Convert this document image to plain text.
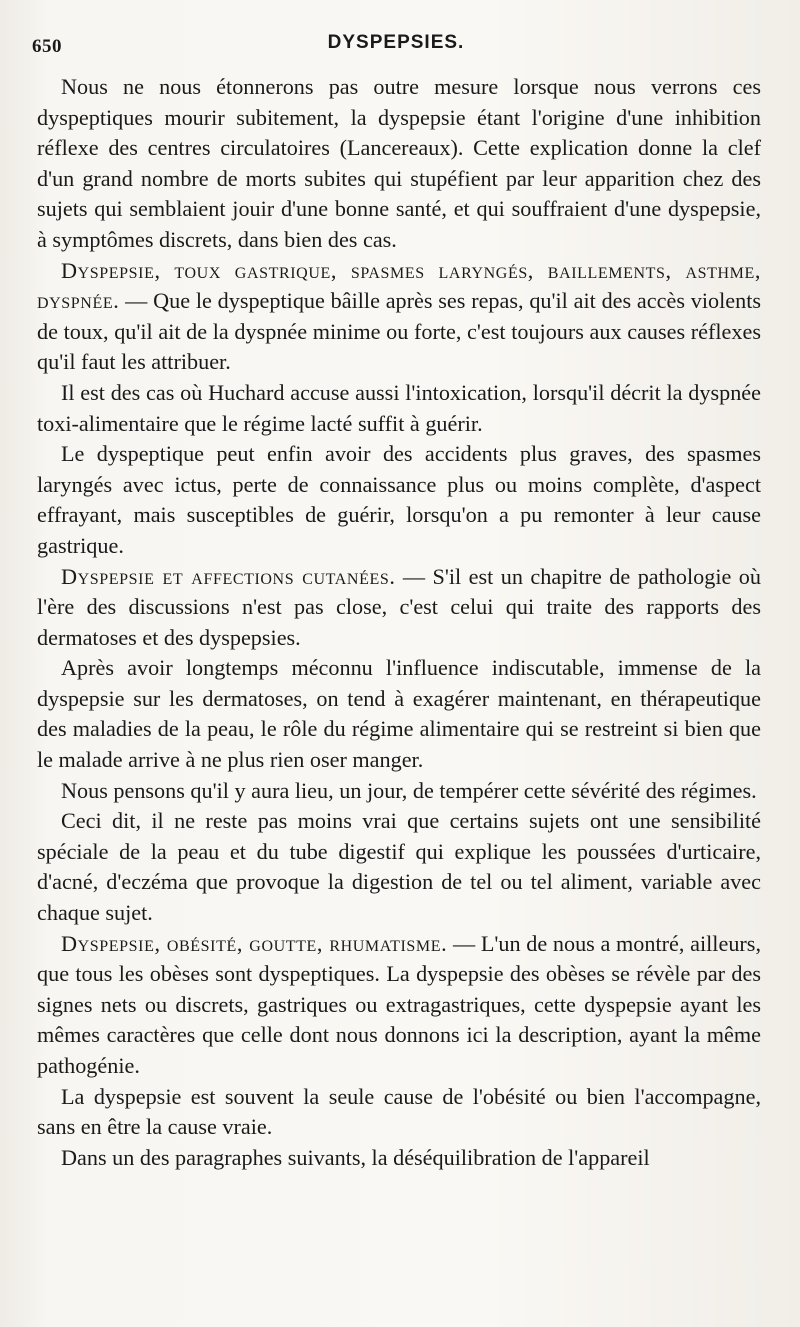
650	DYSPEPSIES.

Nous ne nous étonnerons pas outre mesure lorsque nous verrons ces dyspeptiques mourir subitement, la dyspepsie étant l'origine d'une inhibition réflexe des centres circulatoires (Lancereaux). Cette explication donne la clef d'un grand nombre de morts subites qui stupéfient par leur apparition chez des sujets qui semblaient jouir d'une bonne santé, et qui souffraient d'une dyspepsie, à symptômes discrets, dans bien des cas.

Dyspepsie, toux gastrique, spasmes laryngés, baillements, asthme, dyspnée. — Que le dyspeptique bâille après ses repas, qu'il ait des accès violents de toux, qu'il ait de la dyspnée minime ou forte, c'est toujours aux causes réflexes qu'il faut les attribuer.

Il est des cas où Huchard accuse aussi l'intoxication, lorsqu'il décrit la dyspnée toxi-alimentaire que le régime lacté suffit à guérir.

Le dyspeptique peut enfin avoir des accidents plus graves, des spasmes laryngés avec ictus, perte de connaissance plus ou moins complète, d'aspect effrayant, mais susceptibles de guérir, lorsqu'on a pu remonter à leur cause gastrique.

Dyspepsie et affections cutanées. — S'il est un chapitre de pathologie où l'ère des discussions n'est pas close, c'est celui qui traite des rapports des dermatoses et des dyspepsies.

Après avoir longtemps méconnu l'influence indiscutable, immense de la dyspepsie sur les dermatoses, on tend à exagérer maintenant, en thérapeutique des maladies de la peau, le rôle du régime alimentaire qui se restreint si bien que le malade arrive à ne plus rien oser manger.

Nous pensons qu'il y aura lieu, un jour, de tempérer cette sévérité des régimes.

Ceci dit, il ne reste pas moins vrai que certains sujets ont une sensibilité spéciale de la peau et du tube digestif qui explique les poussées d'urticaire, d'acné, d'eczéma que provoque la digestion de tel ou tel aliment, variable avec chaque sujet.

Dyspepsie, obésité, goutte, rhumatisme. — L'un de nous a montré, ailleurs, que tous les obèses sont dyspeptiques. La dyspepsie des obèses se révèle par des signes nets ou discrets, gastriques ou extragastriques, cette dyspepsie ayant les mêmes caractères que celle dont nous donnons ici la description, ayant la même pathogénie.

La dyspepsie est souvent la seule cause de l'obésité ou bien l'accompagne, sans en être la cause vraie.

Dans un des paragraphes suivants, la déséquilibration de l'appareil
